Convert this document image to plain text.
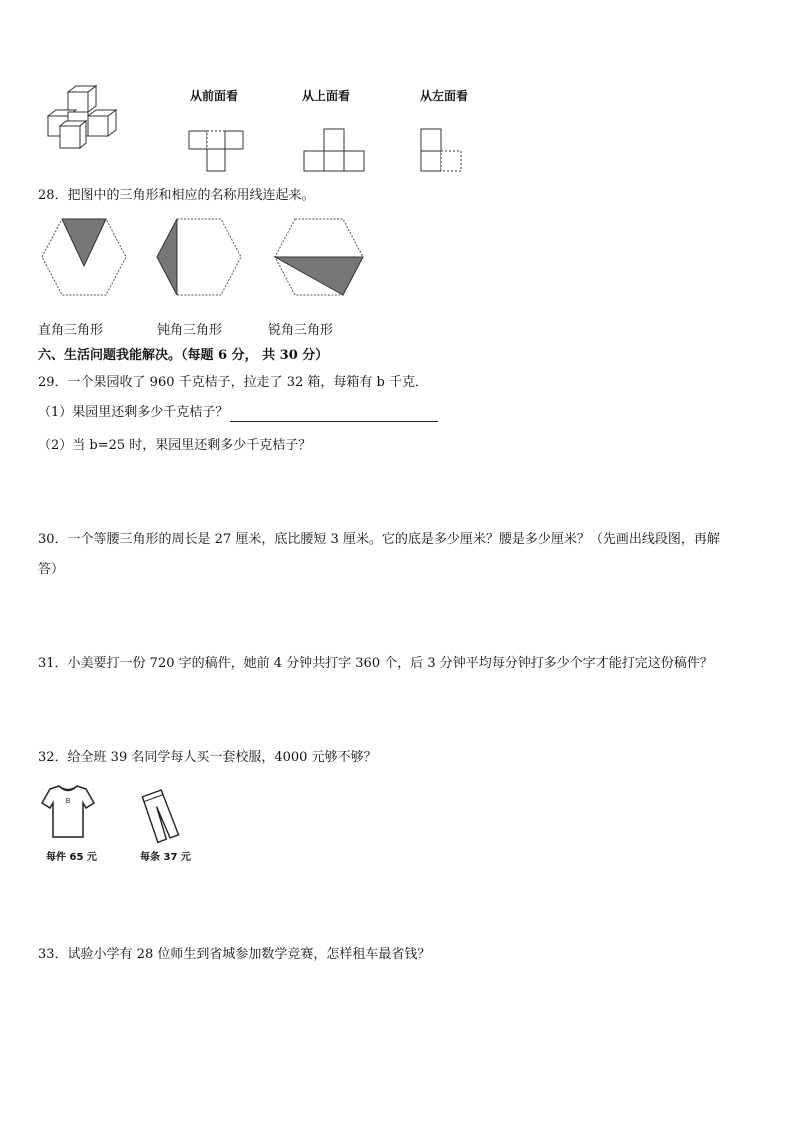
从前面看	从上面看	从左面看
28．把图中的三角形和相应的名称用线连起来。
直角三角形	钝角三角形	锐角三角形
六、生活问题我能解决。（每题 6 分， 共 30 分）
29．一个果园收了 960 千克桔子，拉走了 32 箱，每箱有 b 千克．
（1）果园里还剩多少千克桔子？
（2）当 b=25 时，果园里还剩多少千克桔子？
30．一个等腰三角形的周长是 27 厘米，底比腰短 3 厘米。它的底是多少厘米？腰是多少厘米？（先画出线段图，再解
答）
31．小美要打一份 720 字的稿件，她前 4 分钟共打字 360 个，后 3 分钟平均每分钟打多少个字才能打完这份稿件？
32．给全班 39 名同学每人买一套校服，4000 元够不够？
B
每件 65 元	每条 37 元
33．试验小学有 28 位师生到省城参加数学竞赛，怎样租车最省钱？
